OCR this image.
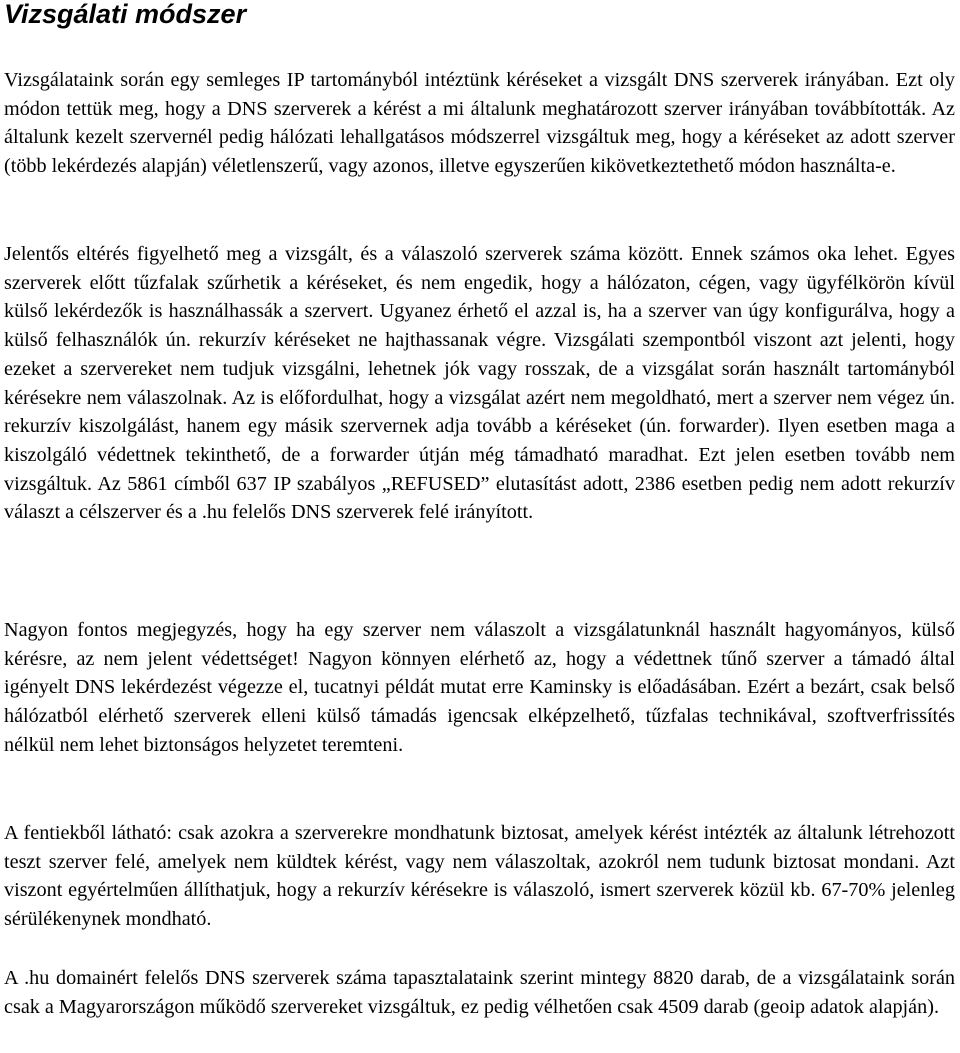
Vizsgálati módszer

Vizsgálataink során egy semleges IP tartományból intéztünk kéréseket a vizsgált DNS szerverek irányában. Ezt oly módon tettük meg, hogy a DNS szerverek a kérést a mi általunk meghatározott szerver irányában továbbították. Az általunk kezelt szervernél pedig hálózati lehallgatásos módszerrel vizsgáltuk meg, hogy a kéréseket az adott szerver (több lekérdezés alapján) véletlenszerű, vagy azonos, illetve egyszerűen kikövetkeztethető módon használta-e.

Jelentős eltérés figyelhető meg a vizsgált, és a válaszoló szerverek száma között. Ennek számos oka lehet. Egyes szerverek előtt tűzfalak szűrhetik a kéréseket, és nem engedik, hogy a hálózaton, cégen, vagy ügyfélkörön kívül külső lekérdezők is használhassák a szervert. Ugyanez érhető el azzal is, ha a szerver van úgy konfigurálva, hogy a külső felhasználók ún. rekurzív kéréseket ne hajthassanak végre. Vizsgálati szempontból viszont azt jelenti, hogy ezeket a szervereket nem tudjuk vizsgálni, lehetnek jók vagy rosszak, de a vizsgálat során használt tartományból kérésekre nem válaszolnak. Az is előfordulhat, hogy a vizsgálat azért nem megoldható, mert a szerver nem végez ún. rekurzív kiszolgálást, hanem egy másik szervernek adja tovább a kéréseket (ún. forwarder). Ilyen esetben maga a kiszolgáló védettnek tekinthető, de a forwarder útján még támadható maradhat. Ezt jelen esetben tovább nem vizsgáltuk. Az 5861 címből 637 IP szabályos „REFUSED” elutasítást adott, 2386 esetben pedig nem adott rekurzív választ a célszerver és a .hu felelős DNS szerverek felé irányított.

Nagyon fontos megjegyzés, hogy ha egy szerver nem válaszolt a vizsgálatunknál használt hagyományos, külső kérésre, az nem jelent védettséget! Nagyon könnyen elérhető az, hogy a védettnek tűnő szerver a támadó által igényelt DNS lekérdezést végezze el, tucatnyi példát mutat erre Kaminsky is előadásában. Ezért a bezárt, csak belső hálózatból elérhető szerverek elleni külső támadás igencsak elképzelhető, tűzfalas technikával, szoftverfrissítés nélkül nem lehet biztonságos helyzetet teremteni.

A fentiekből látható: csak azokra a szerverekre mondhatunk biztosat, amelyek kérést intézték az általunk létrehozott teszt szerver felé, amelyek nem küldtek kérést, vagy nem válaszoltak, azokról nem tudunk biztosat mondani. Azt viszont egyértelműen állíthatjuk, hogy a rekurzív kérésekre is válaszoló, ismert szerverek közül kb. 67-70% jelenleg sérülékenynek mondható.

A .hu domainért felelős DNS szerverek száma tapasztalataink szerint mintegy 8820 darab, de a vizsgálataink során csak a Magyarországon működő szervereket vizsgáltuk, ez pedig vélhetően csak 4509 darab (geoip adatok alapján).
